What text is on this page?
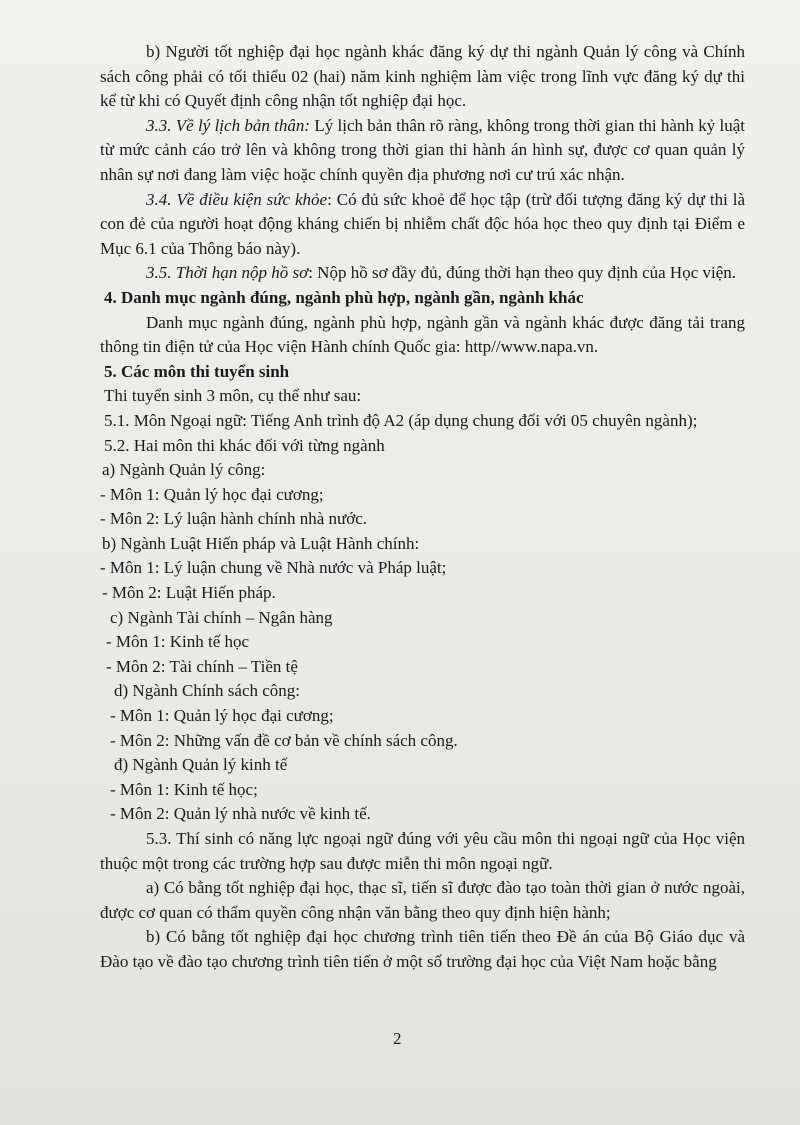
b) Người tốt nghiệp đại học ngành khác đăng ký dự thi ngành Quản lý công và Chính sách công phải có tối thiểu 02 (hai) năm kinh nghiệm làm việc trong lĩnh vực đăng ký dự thi kể từ khi có Quyết định công nhận tốt nghiệp đại học.

3.3. Về lý lịch bản thân: Lý lịch bản thân rõ ràng, không trong thời gian thi hành kỷ luật từ mức cảnh cáo trở lên và không trong thời gian thi hành án hình sự, được cơ quan quản lý nhân sự nơi đang làm việc hoặc chính quyền địa phương nơi cư trú xác nhận.

3.4. Về điều kiện sức khỏe: Có đủ sức khoẻ để học tập (trừ đối tượng đăng ký dự thi là con đẻ của người hoạt động kháng chiến bị nhiễm chất độc hóa học theo quy định tại Điểm e Mục 6.1 của Thông báo này).

3.5. Thời hạn nộp hồ sơ: Nộp hồ sơ đầy đủ, đúng thời hạn theo quy định của Học viện.

4. Danh mục ngành đúng, ngành phù hợp, ngành gần, ngành khác

Danh mục ngành đúng, ngành phù hợp, ngành gần và ngành khác được đăng tải trang thông tin điện tử của Học viện Hành chính Quốc gia: http//www.napa.vn.

5. Các môn thi tuyển sinh

Thi tuyển sinh 3 môn, cụ thể như sau:

5.1. Môn Ngoại ngữ: Tiếng Anh trình độ A2 (áp dụng chung đối với 05 chuyên ngành);

5.2. Hai môn thi khác đối với từng ngành

a) Ngành Quản lý công:

- Môn 1: Quản lý học đại cương;

- Môn 2: Lý luận hành chính nhà nước.

b) Ngành Luật Hiến pháp và Luật Hành chính:

- Môn 1: Lý luận chung về Nhà nước và Pháp luật;

- Môn 2: Luật Hiến pháp.

c) Ngành Tài chính – Ngân hàng

- Môn 1: Kinh tế học

- Môn 2: Tài chính – Tiền tệ

d) Ngành Chính sách công:

- Môn 1: Quản lý học đại cương;

- Môn 2: Những vấn đề cơ bản về chính sách công.

đ) Ngành Quản lý kinh tế

- Môn 1: Kinh tế học;

- Môn 2: Quản lý nhà nước về kinh tế.

5.3. Thí sinh có năng lực ngoại ngữ đúng với yêu cầu môn thi ngoại ngữ của Học viện thuộc một trong các trường hợp sau được miễn thi môn ngoại ngữ.

a) Có bằng tốt nghiệp đại học, thạc sĩ, tiến sĩ được đào tạo toàn thời gian ở nước ngoài, được cơ quan có thẩm quyền công nhận văn bằng theo quy định hiện hành;

b) Có bằng tốt nghiệp đại học chương trình tiên tiến theo Đề án của Bộ Giáo dục và Đào tạo về đào tạo chương trình tiên tiến ở một số trường đại học của Việt Nam hoặc bằng

2
